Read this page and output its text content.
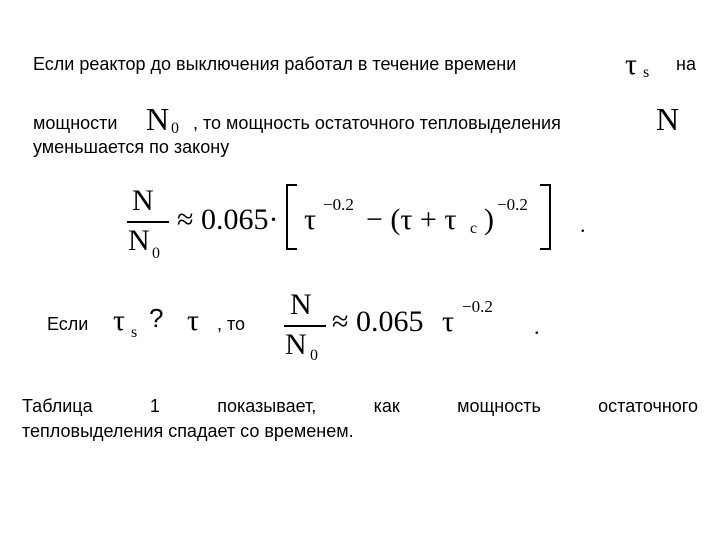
Если реактор до выключения работал в течение времени	τ s на
мощности N 0 , то мощность остаточного тепловыделения	N
уменьшается по закону
N
N 0
≈ 0.065· τ −0.2 − (τ + τ c ) −0.2
.
Если τ s ? τ , то
N
N 0
≈ 0.065 τ −0.2
.
Таблица	1	показывает,	как	мощность	остаточного
тепловыделения спадает со временем.
